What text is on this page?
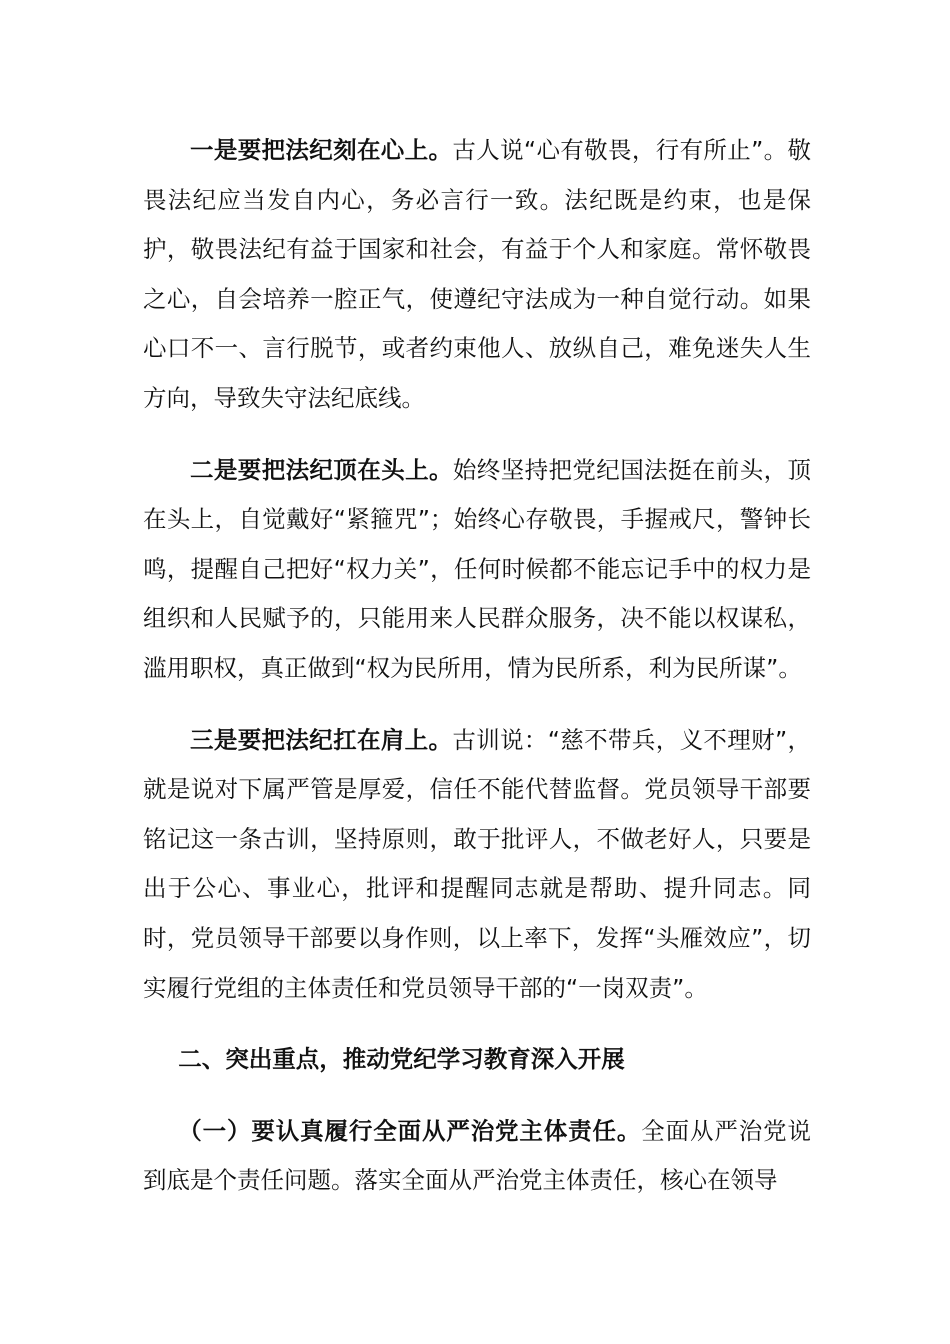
一是要把法纪刻在心上。古人说“心有敬畏，行有所止”。敬畏法纪应当发自内心，务必言行一致。法纪既是约束，也是保护，敬畏法纪有益于国家和社会，有益于个人和家庭。常怀敬畏之心，自会培养一腔正气，使遵纪守法成为一种自觉行动。如果心口不一、言行脱节，或者约束他人、放纵自己，难免迷失人生方向，导致失守法纪底线。

二是要把法纪顶在头上。始终坚持把党纪国法挺在前头，顶在头上，自觉戴好“紧箍咒”；始终心存敬畏，手握戒尺，警钟长鸣，提醒自己把好“权力关”，任何时候都不能忘记手中的权力是组织和人民赋予的，只能用来人民群众服务，决不能以权谋私，滥用职权，真正做到“权为民所用，情为民所系，利为民所谋”。

三是要把法纪扛在肩上。古训说：“慈不带兵，义不理财”，就是说对下属严管是厚爱，信任不能代替监督。党员领导干部要铭记这一条古训，坚持原则，敢于批评人，不做老好人，只要是出于公心、事业心，批评和提醒同志就是帮助、提升同志。同时，党员领导干部要以身作则，以上率下，发挥“头雁效应”，切实履行党组的主体责任和党员领导干部的“一岗双责”。

二、突出重点，推动党纪学习教育深入开展

（一）要认真履行全面从严治党主体责任。全面从严治党说到底是个责任问题。落实全面从严治党主体责任，核心在领导
